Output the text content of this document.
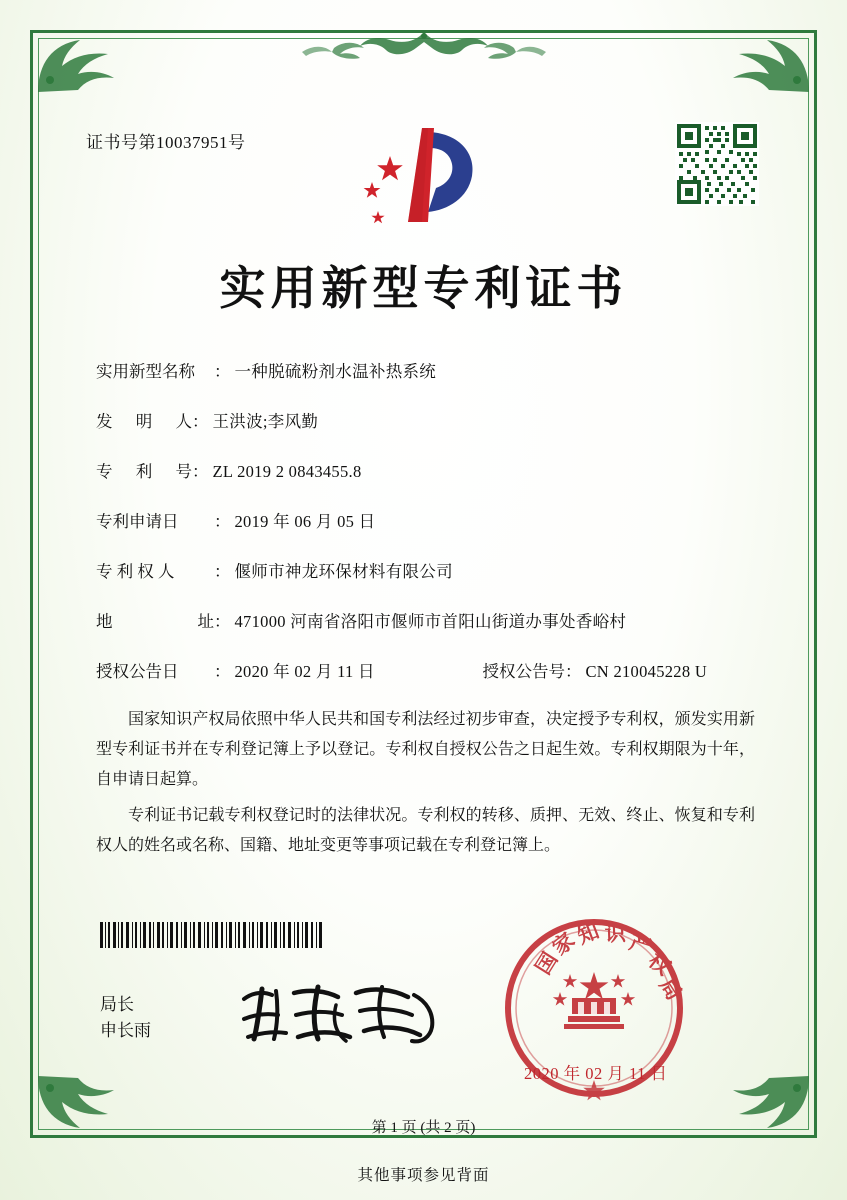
证书号第10037951号
实用新型专利证书
实用新型名称	： 一种脱硫粉剂水温补热系统
发 明 人 ： 王洪波;李风勤
专 利 号 ： ZL 2019 2 0843455.8
专利申请日	： 2019 年 06 月 05 日
专 利 权 人	： 偃师市神龙环保材料有限公司
地	址 ： 471000 河南省洛阳市偃师市首阳山街道办事处香峪村
授权公告日	： 2020 年 02 月 11 日	授权公告号 ： CN 210045228 U

国家知识产权局依照中华人民共和国专利法经过初步审查，决定授予专利权，颁发实用新型专利证书并在专利登记簿上予以登记。专利权自授权公告之日起生效。专利权期限为十年，自申请日起算。

专利证书记载专利权登记时的法律状况。专利权的转移、质押、无效、终止、恢复和专利权人的姓名或名称、国籍、地址变更等事项记载在专利登记簿上。

局长
申长雨
国
家
知 识 产
权
局
2020 年 02 月 11 日
第 1 页 (共 2 页)
其他事项参见背面
